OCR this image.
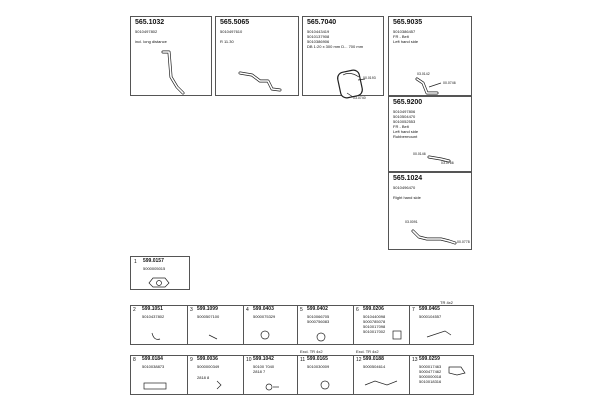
565.1032
5010497802
incl. long distance
565.5065
5010497610
R 11.30
565.7040
5010443419
5010137908
5010386906
DB 1:20 x 300 mm D... 700 mm
00.0193
03.0740
565.9035
5010386457
FR - Belt
Left hand side
03.0142
00.0746
565.9200
5010497806
5010504470
5010052553
FR - Belt
Left hand side
Rubbermount
00.0146
03.0766
565.1024
5010496470
Right hand side
03.0091
00.0778
1 599.0157
5000005015
TR 4x2
2 599.1051
5010437802
3 599.1099
5000507100
4 599.0403
5000075329
5 599.0402
5010066705
5000756083
6 599.0206
5010440098
5000785078
5010017098
5010017002
7 599.0465
5000104557
Excl. TR 4x2	Excl. TR 4x2
8 599.0184
5010038873
9 599.0036
5000000349
2818 8
10 599.1042
50100 7040
2818 7
11 599.0165
5010030009
12 599.0188
5000504614
13 599.0259
5000017463
5000477462
5000000018
5010018316
